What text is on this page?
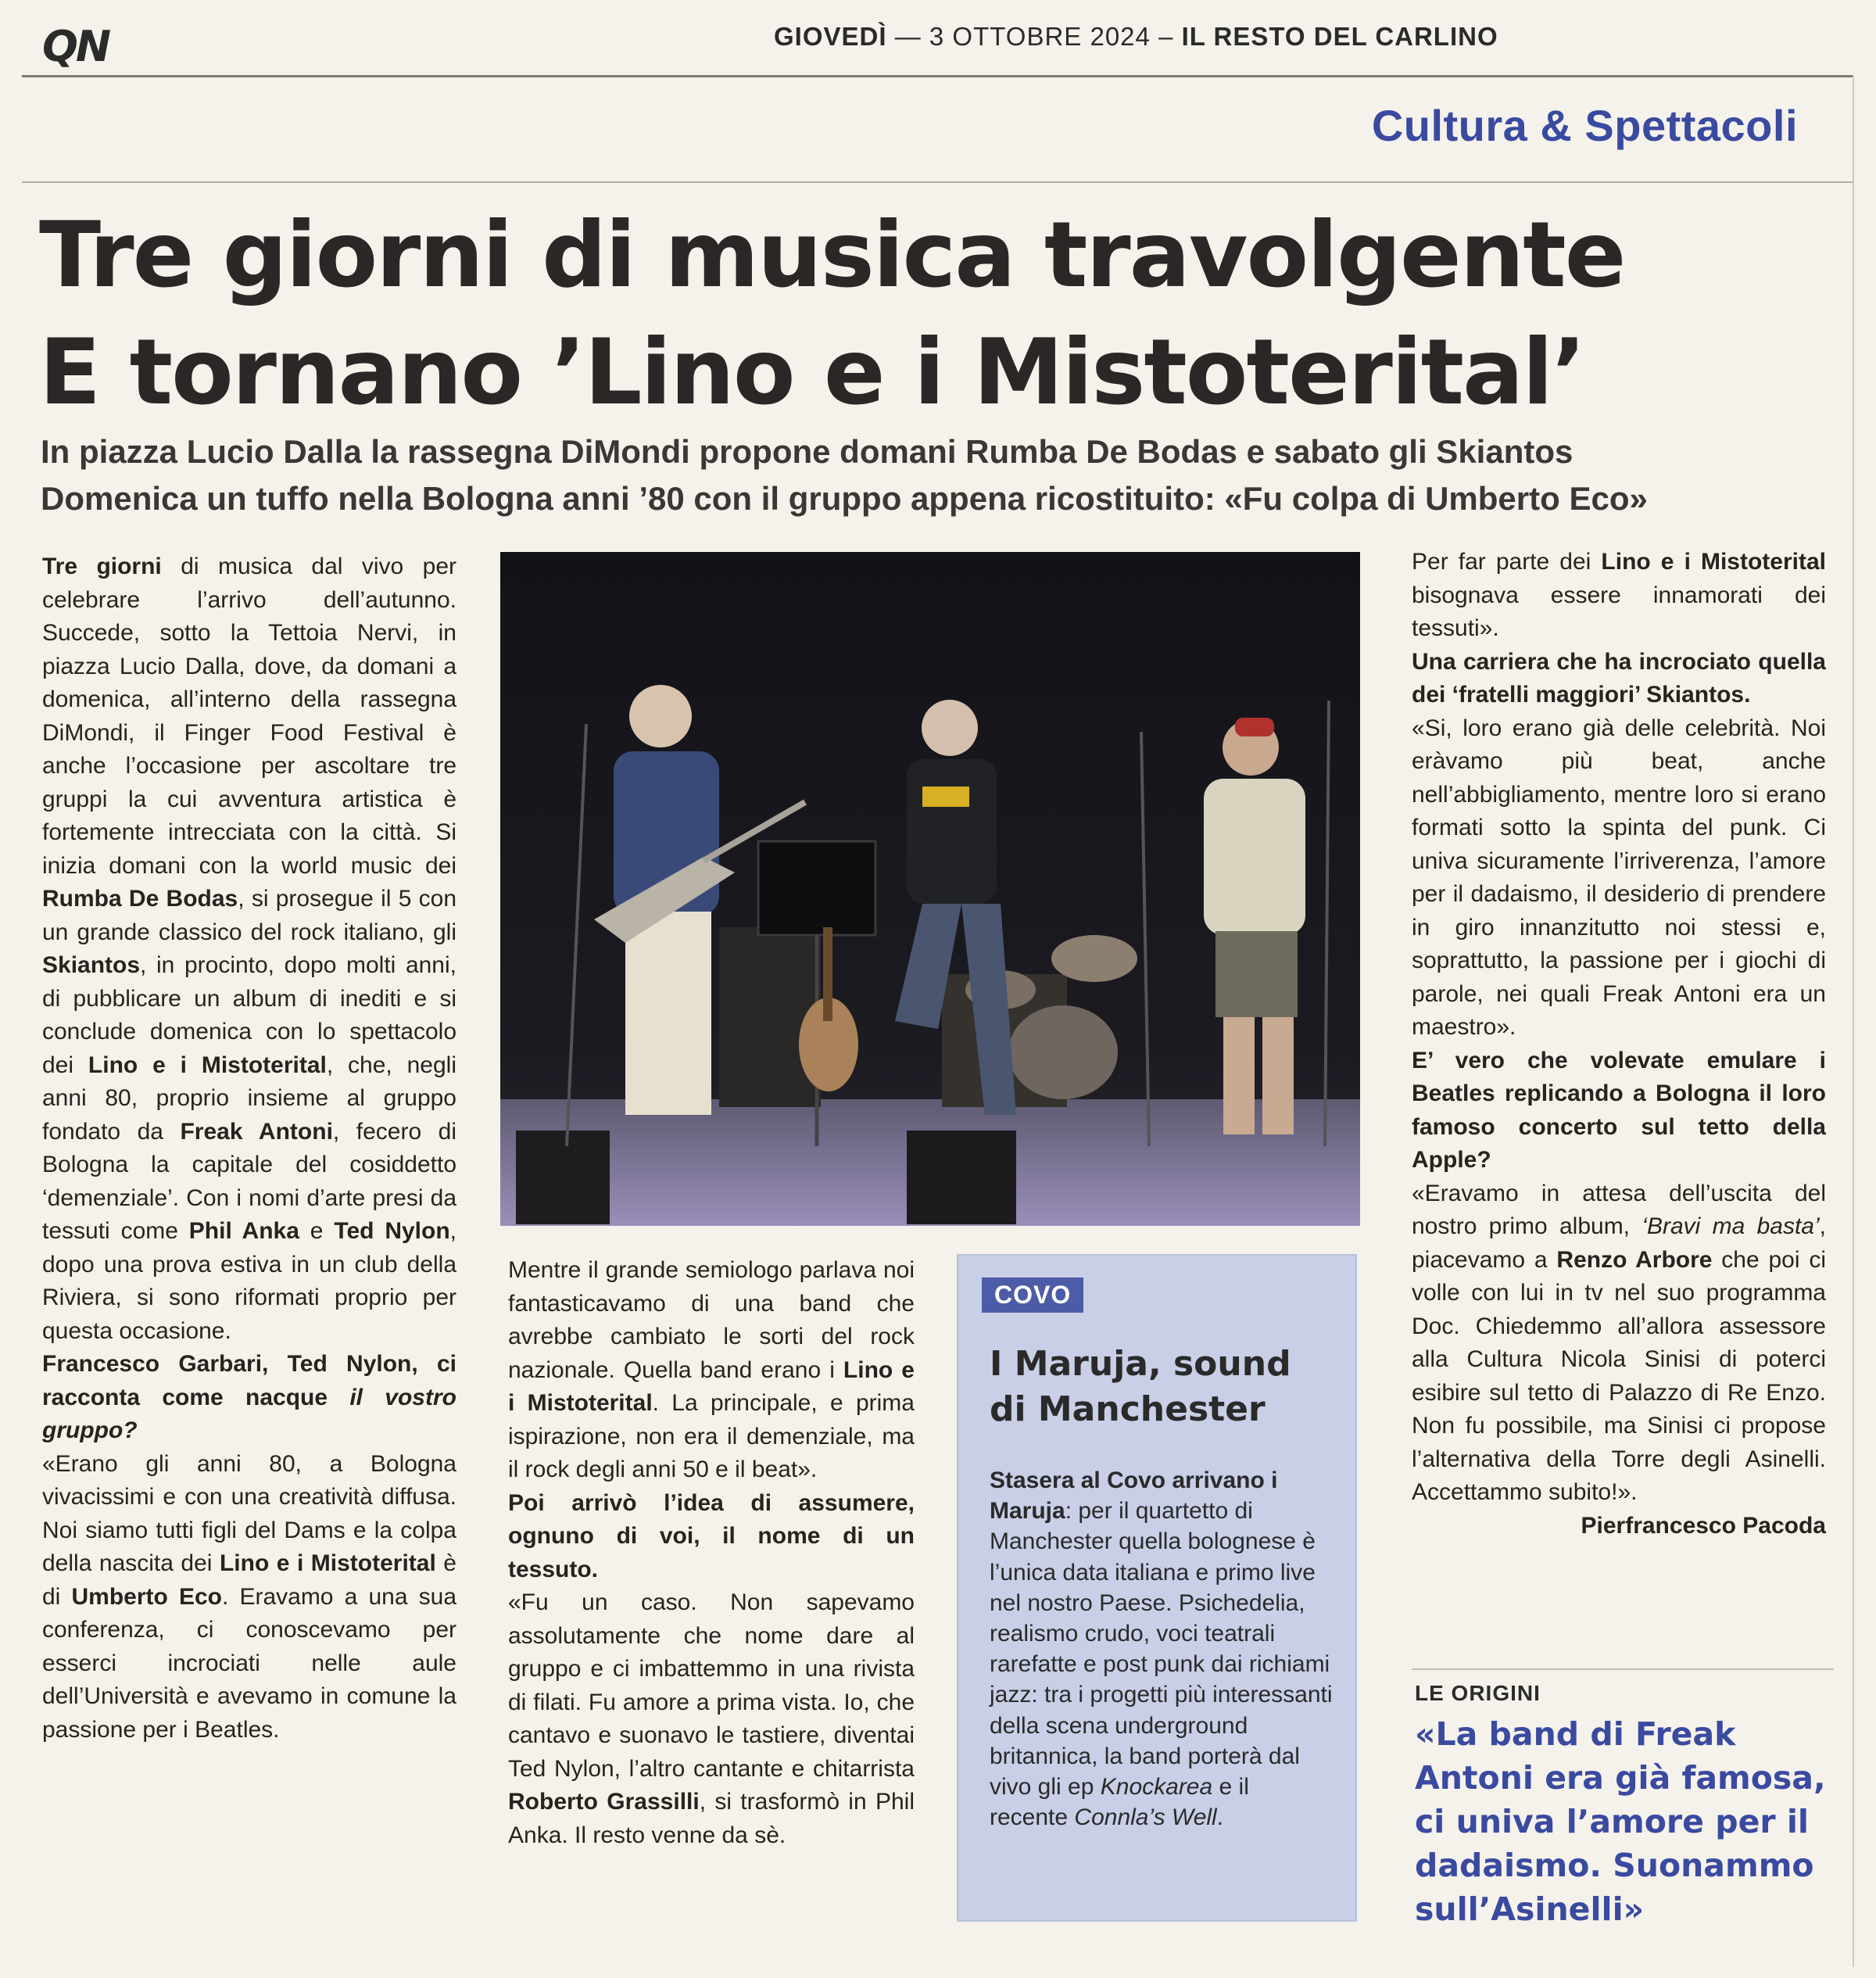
QN	GIOVEDÌ — 3 OTTOBRE 2024 – IL RESTO DEL CARLINO
Cultura & Spettacoli
Tre giorni di musica travolgente
E tornano ’Lino e i Mistoterital’
In piazza Lucio Dalla la rassegna DiMondi propone domani Rumba De Bodas e sabato gli Skiantos
Domenica un tuffo nella Bologna anni ’80 con il gruppo appena ricostituito: «Fu colpa di Umberto Eco»

Tre giorni di musica dal vivo per celebrare l’arrivo dell’autunno. Succede, sotto la Tettoia Nervi, in piazza Lucio Dalla, dove, da domani a domenica, all’interno della rassegna DiMondi, il Finger Food Festival è anche l’occasione per ascoltare tre gruppi la cui avventura artistica è fortemente intrecciata con la città. Si inizia domani con la world music dei Rumba De Bodas, si prosegue il 5 con un grande classico del rock italiano, gli Skiantos, in procinto, dopo molti anni, di pubblicare un album di inediti e si conclude domenica con lo spettacolo dei Lino e i Mistoterital, che, negli anni 80, proprio insieme al gruppo fondato da Freak Antoni, fecero di Bologna la capitale del cosiddetto ‘demenziale’. Con i nomi d’arte presi da tessuti come Phil Anka e Ted Nylon, dopo una prova estiva in un club della Riviera, si sono riformati proprio per questa occasione.

Francesco Garbari, Ted Nylon, ci racconta come nacque il vostro gruppo?

«Erano gli anni 80, a Bologna vivacissimi e con una creatività diffusa. Noi siamo tutti figli del Dams e la colpa della nascita dei Lino e i Mistoterital è di Umberto Eco. Eravamo a una sua conferenza, ci conoscevamo per esserci incrociati nelle aule dell’Università e avevamo in comune la passione per i Beatles.

Mentre il grande semiologo parlava noi fantasticavamo di una band che avrebbe cambiato le sorti del rock nazionale. Quella band erano i Lino e i Mistoterital. La principale, e prima ispirazione, non era il demenziale, ma il rock degli anni 50 e il beat».

Poi arrivò l’idea di assumere, ognuno di voi, il nome di un tessuto.

«Fu un caso. Non sapevamo assolutamente che nome dare al gruppo e ci imbattemmo in una rivista di filati. Fu amore a prima vista. Io, che cantavo e suonavo le tastiere, diventai Ted Nylon, l’altro cantante e chitarrista Roberto Grassilli, si trasformò in Phil Anka. Il resto venne da sè.

COVO
I Maruja, sound
di Manchester
Stasera al Covo arrivano i Maruja: per il quartetto di Manchester quella bolognese è l’unica data italiana e primo live nel nostro Paese. Psichedelia, realismo crudo, voci teatrali rarefatte e post punk dai richiami jazz: tra i progetti più interessanti della scena underground britannica, la band porterà dal vivo gli ep Knockarea e il recente Connla’s Well.

Per far parte dei Lino e i Mistoterital bisognava essere innamorati dei tessuti».

Una carriera che ha incrociato quella dei ‘fratelli maggiori’ Skiantos.

«Si, loro erano già delle celebrità. Noi eràvamo più beat, anche nell’abbigliamento, mentre loro si erano formati sotto la spinta del punk. Ci univa sicuramente l’irriverenza, l’amore per il dadaismo, il desiderio di prendere in giro innanzitutto noi stessi e, soprattutto, la passione per i giochi di parole, nei quali Freak Antoni era un maestro».

E’ vero che volevate emulare i Beatles replicando a Bologna il loro famoso concerto sul tetto della Apple?

«Eravamo in attesa dell’uscita del nostro primo album, ‘Bravi ma basta’, piacevamo a Renzo Arbore che poi ci volle con lui in tv nel suo programma Doc. Chiedemmo all’allora assessore alla Cultura Nicola Sinisi di poterci esibire sul tetto di Palazzo di Re Enzo. Non fu possibile, ma Sinisi ci propose l’alternativa della Torre degli Asinelli. Accettammo subito!».

Pierfrancesco Pacoda

LE ORIGINI
«La band di Freak
Antoni era già famosa,
ci univa l’amore per il
dadaismo. Suonammo
sull’Asinelli»
